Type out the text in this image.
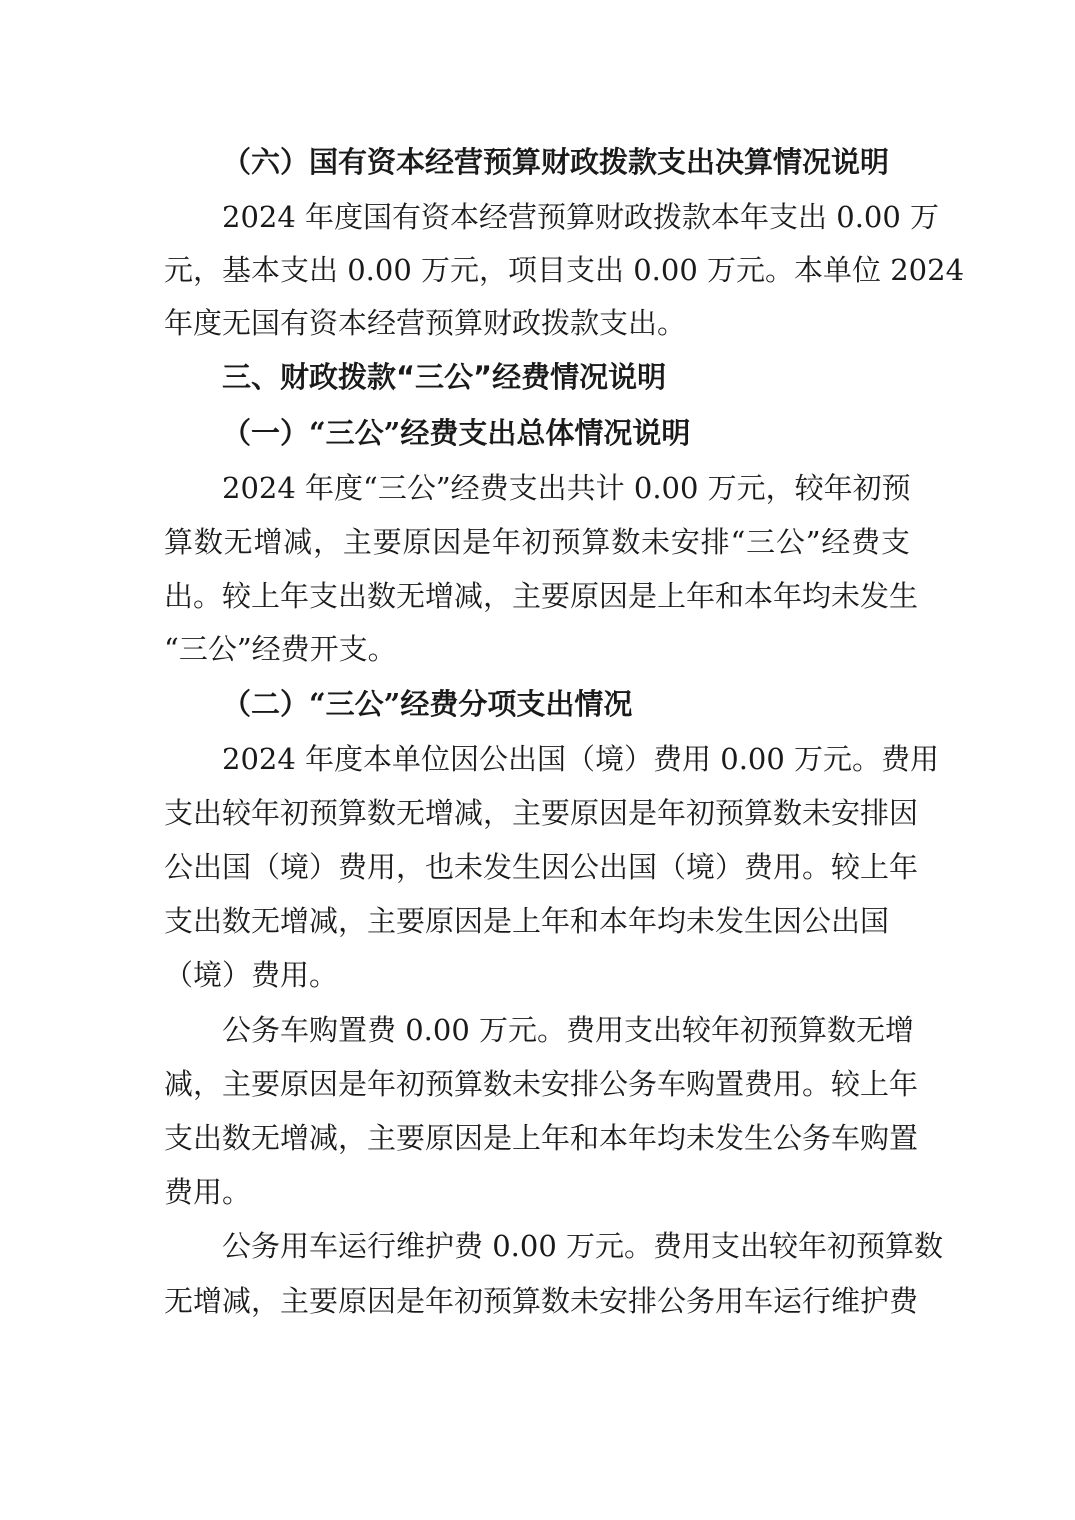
（六）国有资本经营预算财政拨款支出决算情况说明

2024 年度国有资本经营预算财政拨款本年支出 0.00 万

元，基本支出 0.00 万元，项目支出 0.00 万元。本单位 2024

年度无国有资本经营预算财政拨款支出。

三、财政拨款“三公”经费情况说明

（一）“三公”经费支出总体情况说明

2024 年度“三公”经费支出共计 0.00 万元，较年初预

算数无增减，主要原因是年初预算数未安排“三公”经费支

出。较上年支出数无增减，主要原因是上年和本年均未发生

“三公”经费开支。

（二）“三公”经费分项支出情况

2024 年度本单位因公出国（境）费用 0.00 万元。费用

支出较年初预算数无增减，主要原因是年初预算数未安排因

公出国（境）费用，也未发生因公出国（境）费用。较上年

支出数无增减，主要原因是上年和本年均未发生因公出国

（境）费用。

公务车购置费 0.00 万元。费用支出较年初预算数无增

减，主要原因是年初预算数未安排公务车购置费用。较上年

支出数无增减，主要原因是上年和本年均未发生公务车购置

费用。

公务用车运行维护费 0.00 万元。费用支出较年初预算数

无增减，主要原因是年初预算数未安排公务用车运行维护费
